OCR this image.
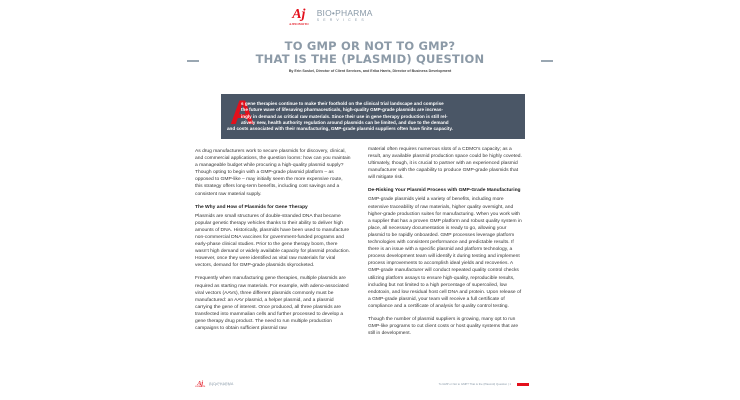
Aj
AJINOMOTO
BIO•PHARMA
SERVICES
TO GMP OR NOT TO GMP?
THAT IS THE (PLASMID) QUESTION
By Erin Soskel, Director of Client Services, and Erika Harris, Director of Business Development
A
s gene therapies continue to make their foothold on the clinical trial landscape and comprise
the future wave of lifesaving pharmaceuticals, high-quality GMP-grade plasmids are increas-
ingly in demand as critical raw materials. Since their use in gene therapy production is still rel-
atively new, health authority regulation around plasmids can be limited, and due to the demand
and costs associated with their manufacturing, GMP-grade plasmid suppliers often have finite capacity.

As drug manufacturers work to secure plasmids for discovery, clinical, and commercial applications, the question looms: how can you maintain a manageable budget while procuring a high-quality plasmid supply? Though opting to begin with a GMP-grade plasmid platform – as opposed to GMP-like – may initially seem the more expensive route, this strategy offers long-term benefits, including cost savings and a consistent raw material supply.

The Why and How of Plasmids for Gene Therapy

Plasmids are small structures of double-stranded DNA that became popular genetic therapy vehicles thanks to their ability to deliver high amounts of DNA. Historically, plasmids have been used to manufacture non-commercial DNA vaccines for government-funded programs and early-phase clinical studies. Prior to the gene therapy boom, there wasn’t high demand or widely available capacity for plasmid production. However, once they were identified as vital raw materials for viral vectors, demand for GMP-grade plasmids skyrocketed.

Frequently when manufacturing gene therapies, multiple plasmids are required as starting raw materials. For example, with adeno-associated viral vectors (AAVs), three different plasmids commonly must be manufactured: an AAV plasmid, a helper plasmid, and a plasmid carrying the gene of interest. Once produced, all three plasmids are transfected into mammalian cells and further processed to develop a gene therapy drug product. The need to run multiple production campaigns to obtain sufficient plasmid raw

material often requires numerous slots of a CDMO’s capacity; as a result, any available plasmid production space could be highly coveted. Ultimately, though, it is crucial to partner with an experienced plasmid manufacturer with the capability to produce GMP-grade plasmids that will mitigate risk.

De-Risking Your Plasmid Process with GMP-Grade Manufacturing

GMP-grade plasmids yield a variety of benefits, including more extensive traceability of raw materials, higher quality oversight, and higher-grade production suites for manufacturing. When you work with a supplier that has a proven GMP platform and robust quality system in place, all necessary documentation is ready to go, allowing your plasmid to be rapidly onboarded. GMP processes leverage platform technologies with consistent performance and predictable results. If there is an issue with a specific plasmid and platform technology, a process development team will identify it during testing and implement process improvements to accomplish ideal yields and recoveries. A GMP-grade manufacturer will conduct repeated quality control checks utilizing platform assays to ensure high-quality, reproducible results, including but not limited to a high percentage of supercoiled, low endotoxin, and low residual host cell DNA and protein. Upon release of a GMP-grade plasmid, your team will receive a full certificate of compliance and a certificate of analysis for quality control testing.

Though the number of plasmid suppliers is growing, many opt to run GMP-like programs to cut client costs or host quality systems that are still in development.

Aj
AJINOMOTO
BIO•PHARMA
SERVICES
To GMP or Not to GMP? That is the (Plasmid) Question | 1
